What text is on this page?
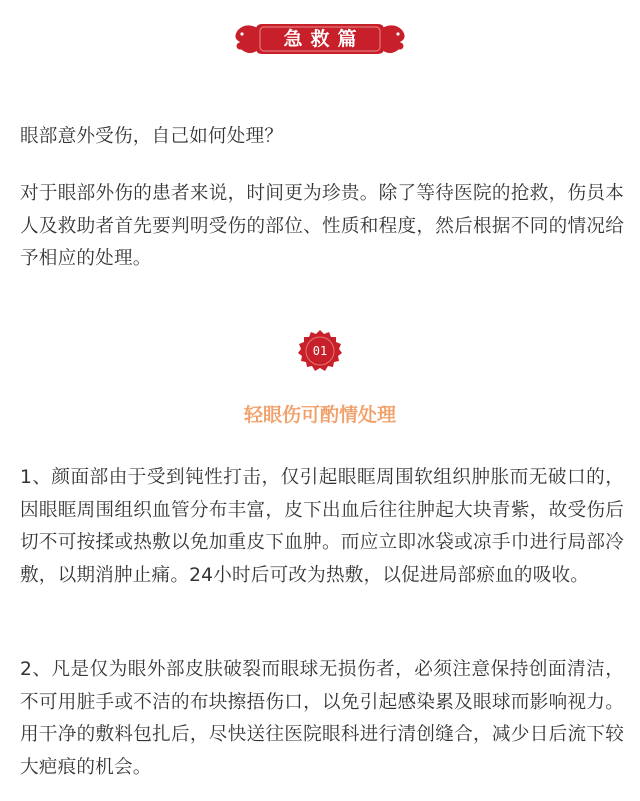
急救篇

眼部意外受伤，自己如何处理？

对于眼部外伤的患者来说，时间更为珍贵。除了等待医院的抢救，伤员本人及救助者首先要判明受伤的部位、性质和程度，然后根据不同的情况给予相应的处理。

01
轻眼伤可酌情处理

1、颜面部由于受到钝性打击，仅引起眼眶周围软组织肿胀而无破口的，因眼眶周围组织血管分布丰富，皮下出血后往往肿起大块青紫，故受伤后切不可按揉或热敷以免加重皮下血肿。而应立即冰袋或凉手巾进行局部冷敷，以期消肿止痛。24小时后可改为热敷，以促进局部瘀血的吸收。

2、凡是仅为眼外部皮肤破裂而眼球无损伤者，必须注意保持创面清洁，不可用脏手或不洁的布块擦捂伤口，以免引起感染累及眼球而影响视力。用干净的敷料包扎后，尽快送往医院眼科进行清创缝合，减少日后流下较大疤痕的机会。
